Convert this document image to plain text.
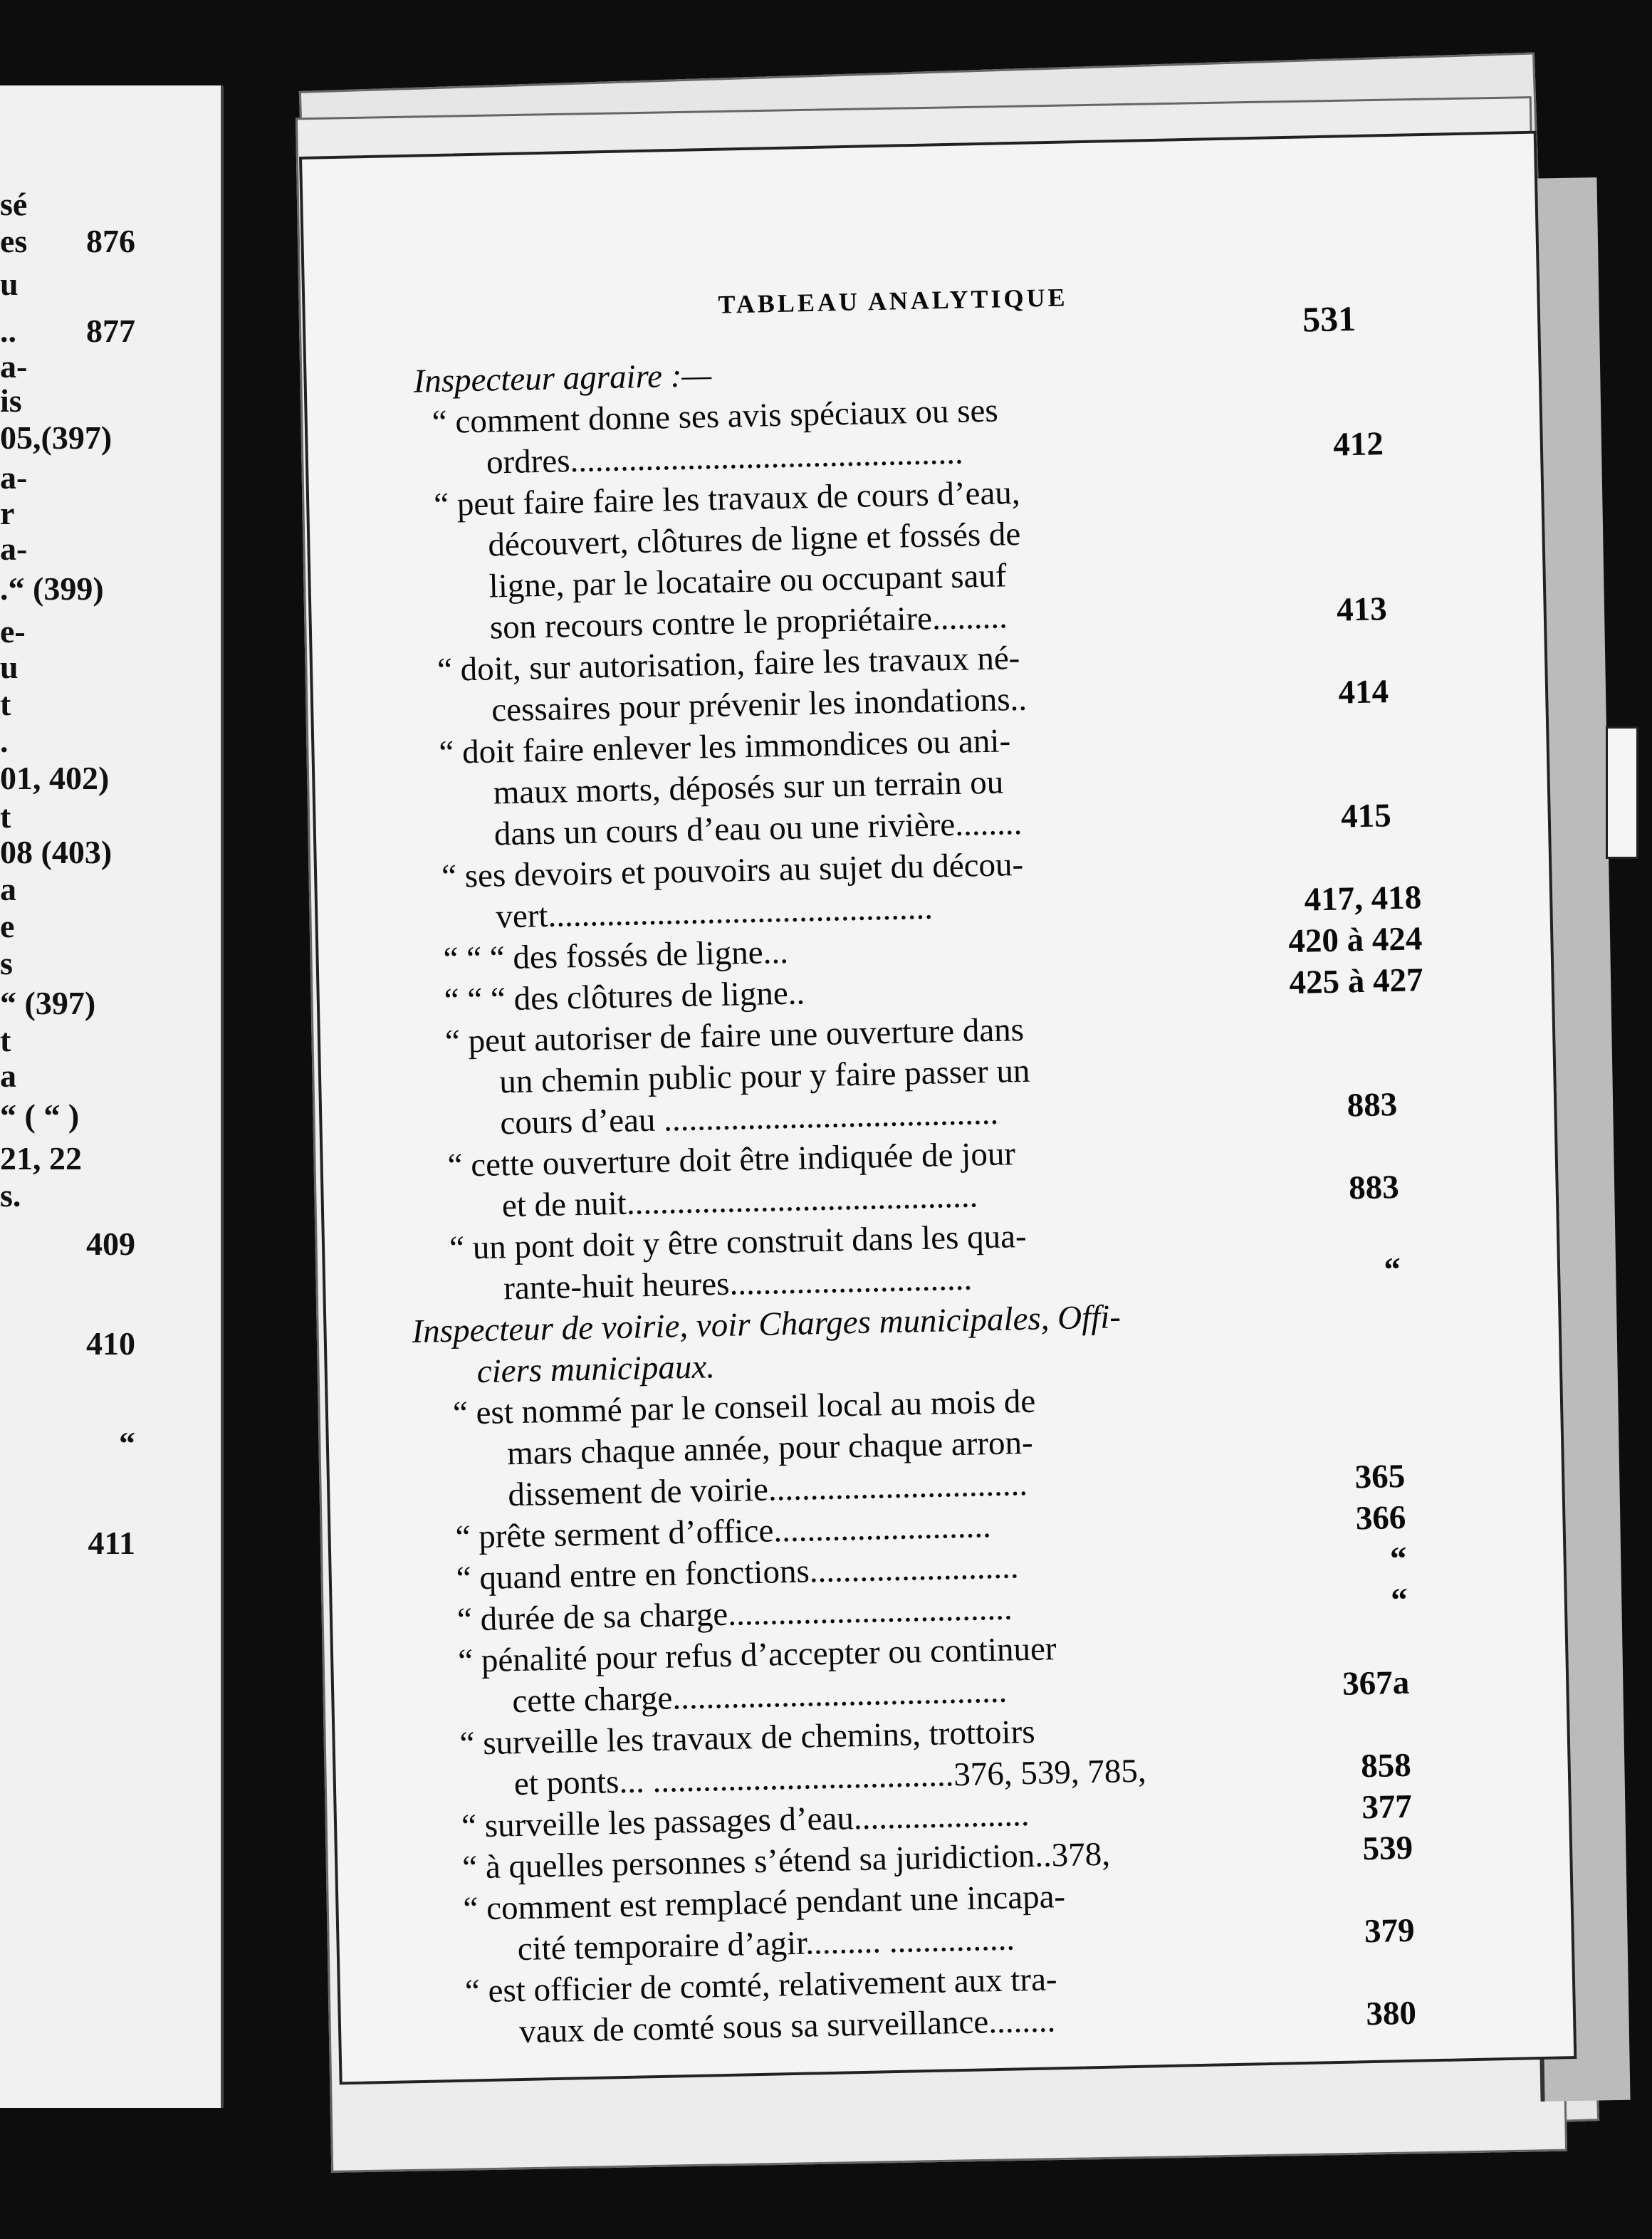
sé
es 876
u
.. 877
a-
is
05,(397)
a-
r
a-
.“ (399)
e-
u
t
.
01, 402)
t
08 (403)
a
e
s
“ (397)
t
a
“ ( “ )
21, 22
s.
409
410
“
411
TABLEAU ANALYTIQUE	531
Inspecteur agraire :—
“ comment donne ses avis spéciaux ou ses
ordres...............................................	412
“ peut faire faire les travaux de cours d’eau,
découvert, clôtures de ligne et fossés de
ligne, par le locataire ou occupant sauf
son recours contre le propriétaire.........	413
“ doit, sur autorisation, faire les travaux né-
cessaires pour prévenir les inondations..	414
“ doit faire enlever les immondices ou ani-
maux morts, déposés sur un terrain ou
dans un cours d’eau ou une rivière........	415
“ ses devoirs et pouvoirs au sujet du décou-
vert..............................................	417, 418
“ “ “ des fossés de ligne...	420 à 424
“ “ “ des clôtures de ligne..	425 à 427
“ peut autoriser de faire une ouverture dans
un chemin public pour y faire passer un
cours d’eau ........................................	883
“ cette ouverture doit être indiquée de jour
et de nuit..........................................	883
“ un pont doit y être construit dans les qua-
rante-huit heures.............................	“
Inspecteur de voirie, voir Charges municipales, Offi-
ciers municipaux.
“ est nommé par le conseil local au mois de
mars chaque année, pour chaque arron-
dissement de voirie...............................	365
“ prête serment d’office..........................	366
“ quand entre en fonctions.........................	“
“ durée de sa charge..................................	“
“ pénalité pour refus d’accepter ou continuer
cette charge........................................	367a
“ surveille les travaux de chemins, trottoirs
et ponts... ....................................376, 539, 785,	858
“ surveille les passages d’eau.....................	377
“ à quelles personnes s’étend sa juridiction..378,	539
“ comment est remplacé pendant une incapa-
cité temporaire d’agir......... ...............	379
“ est officier de comté, relativement aux tra-
vaux de comté sous sa surveillance........	380
